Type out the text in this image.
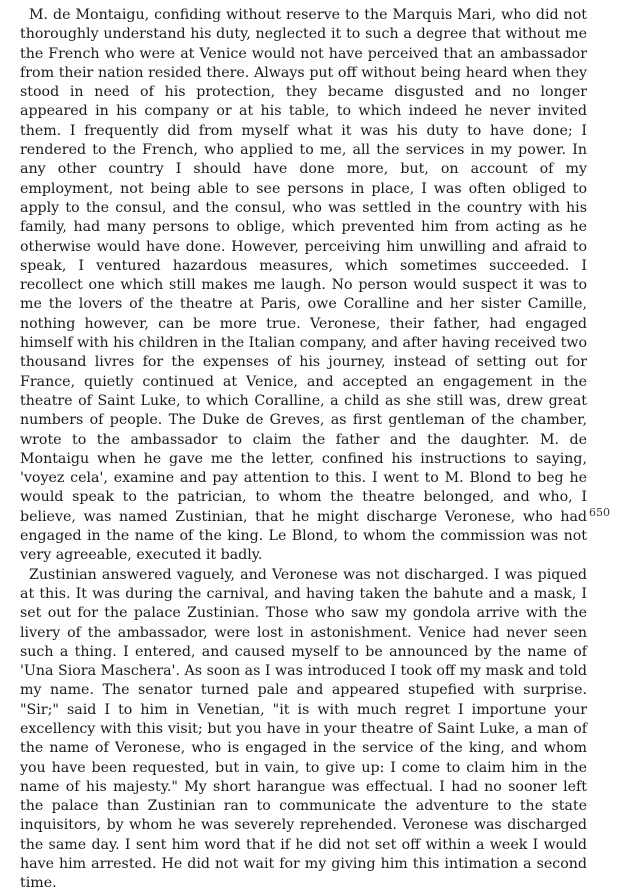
M. de Montaigu, confiding without reserve to the Marquis Mari, who did not thoroughly understand his duty, neglected it to such a degree that without me the French who were at Venice would not have perceived that an ambassador from their nation resided there. Always put off without being heard when they stood in need of his protection, they became disgusted and no longer appeared in his company or at his table, to which indeed he never invited them. I frequently did from myself what it was his duty to have done; I rendered to the French, who applied to me, all the services in my power. In any other country I should have done more, but, on account of my employment, not being able to see persons in place, I was often obliged to apply to the consul, and the consul, who was settled in the country with his family, had many persons to oblige, which prevented him from acting as he otherwise would have done. However, perceiving him unwilling and afraid to speak, I ventured hazardous measures, which sometimes succeeded. I recollect one which still makes me laugh. No person would suspect it was to me the lovers of the theatre at Paris, owe Coralline and her sister Camille, nothing however, can be more true. Veronese, their father, had engaged himself with his children in the Italian company, and after having received two thousand livres for the expenses of his journey, instead of setting out for France, quietly continued at Venice, and accepted an engagement in the theatre of Saint Luke, to which Coralline, a child as she still was, drew great numbers of people. The Duke de Greves, as first gentleman of the chamber, wrote to the ambassador to claim the father and the daughter. M. de Montaigu when he gave me the letter, confined his instructions to saying, 'voyez cela', examine and pay attention to this. I went to M. Blond to beg he would speak to the patrician, to whom the theatre belonged, and who, I believe, was named Zustinian, that he might discharge Veronese, who had engaged in the name of the king. Le Blond, to whom the commission was not very agreeable, executed it badly.

Zustinian answered vaguely, and Veronese was not discharged. I was piqued at this. It was during the carnival, and having taken the bahute and a mask, I set out for the palace Zustinian. Those who saw my gondola arrive with the livery of the ambassador, were lost in astonishment. Venice had never seen such a thing. I entered, and caused myself to be announced by the name of 'Una Siora Maschera'. As soon as I was introduced I took off my mask and told my name. The senator turned pale and appeared stupefied with surprise. "Sir;" said I to him in Venetian, "it is with much regret I importune your excellency with this visit; but you have in your theatre of Saint Luke, a man of the name of Veronese, who is engaged in the service of the king, and whom you have been requested, but in vain, to give up: I come to claim him in the name of his majesty." My short harangue was effectual. I had no sooner left the palace than Zustinian ran to communicate the adventure to the state inquisitors, by whom he was severely reprehended. Veronese was discharged the same day. I sent him word that if he did not set off within a week I would have him arrested. He did not wait for my giving him this intimation a second time.

650
